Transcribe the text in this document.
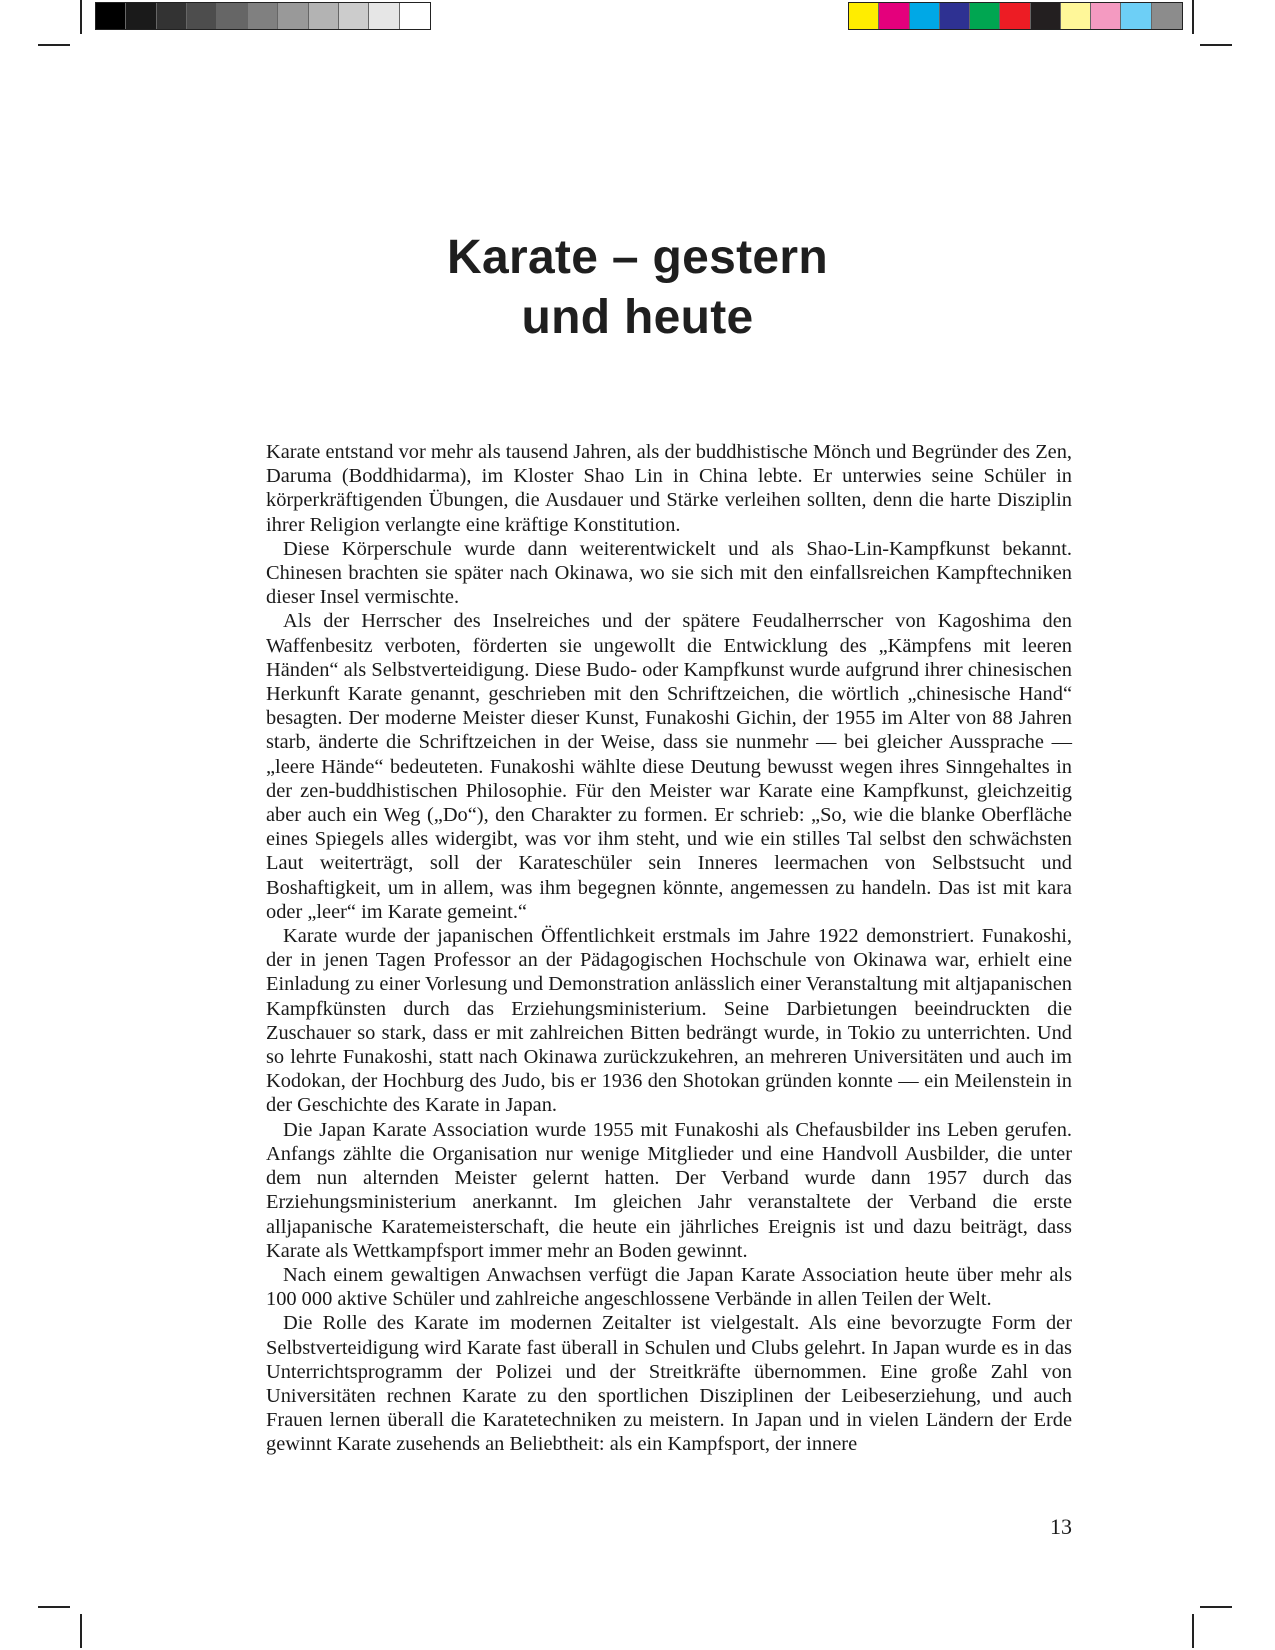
Karate – gestern
und heute

Karate entstand vor mehr als tausend Jahren, als der buddhistische Mönch und Begründer des Zen, Daruma (Boddhidarma), im Kloster Shao Lin in China lebte. Er unterwies seine Schüler in körperkräftigenden Übungen, die Ausdauer und Stärke verleihen sollten, denn die harte Disziplin ihrer Religion verlangte eine kräftige Konstitution.

Diese Körperschule wurde dann weiterentwickelt und als Shao-Lin-Kampfkunst bekannt. Chinesen brachten sie später nach Okinawa, wo sie sich mit den einfallsreichen Kampftechniken dieser Insel vermischte.

Als der Herrscher des Inselreiches und der spätere Feudalherrscher von Kagoshima den Waffenbesitz verboten, förderten sie ungewollt die Entwicklung des „Kämpfens mit leeren Händen“ als Selbstverteidigung. Diese Budo- oder Kampfkunst wurde aufgrund ihrer chinesischen Herkunft Karate genannt, geschrieben mit den Schriftzeichen, die wörtlich „chinesische Hand“ besagten. Der moderne Meister dieser Kunst, Funakoshi Gichin, der 1955 im Alter von 88 Jahren starb, änderte die Schriftzeichen in der Weise, dass sie nunmehr — bei gleicher Aussprache — „leere Hände“ bedeuteten. Funakoshi wählte diese Deutung bewusst wegen ihres Sinngehaltes in der zen-buddhistischen Philosophie. Für den Meister war Karate eine Kampfkunst, gleichzeitig aber auch ein Weg („Do“), den Charakter zu formen. Er schrieb: „So, wie die blanke Oberfläche eines Spiegels alles widergibt, was vor ihm steht, und wie ein stilles Tal selbst den schwächsten Laut weiterträgt, soll der Karateschüler sein Inneres leermachen von Selbstsucht und Boshaftigkeit, um in allem, was ihm begegnen könnte, angemessen zu handeln. Das ist mit kara oder „leer“ im Karate gemeint.“

Karate wurde der japanischen Öffentlichkeit erstmals im Jahre 1922 demonstriert. Funakoshi, der in jenen Tagen Professor an der Pädagogischen Hochschule von Okinawa war, erhielt eine Einladung zu einer Vorlesung und Demonstration anlässlich einer Veranstaltung mit altjapanischen Kampfkünsten durch das Erziehungsministerium. Seine Darbietungen beeindruckten die Zuschauer so stark, dass er mit zahlreichen Bitten bedrängt wurde, in Tokio zu unterrichten. Und so lehrte Funakoshi, statt nach Okinawa zurückzukehren, an mehreren Universitäten und auch im Kodokan, der Hochburg des Judo, bis er 1936 den Shotokan gründen konnte — ein Meilenstein in der Geschichte des Karate in Japan.

Die Japan Karate Association wurde 1955 mit Funakoshi als Chefausbilder ins Leben gerufen. Anfangs zählte die Organisation nur wenige Mitglieder und eine Handvoll Ausbilder, die unter dem nun alternden Meister gelernt hatten. Der Verband wurde dann 1957 durch das Erziehungsministerium anerkannt. Im gleichen Jahr veranstaltete der Verband die erste alljapanische Karatemeisterschaft, die heute ein jährliches Ereignis ist und dazu beiträgt, dass Karate als Wettkampfsport immer mehr an Boden gewinnt.

Nach einem gewaltigen Anwachsen verfügt die Japan Karate Association heute über mehr als 100 000 aktive Schüler und zahlreiche angeschlossene Verbände in allen Teilen der Welt.

Die Rolle des Karate im modernen Zeitalter ist vielgestalt. Als eine bevorzugte Form der Selbstverteidigung wird Karate fast überall in Schulen und Clubs gelehrt. In Japan wurde es in das Unterrichtsprogramm der Polizei und der Streitkräfte übernommen. Eine große Zahl von Universitäten rechnen Karate zu den sportlichen Disziplinen der Leibeserziehung, und auch Frauen lernen überall die Karatetechniken zu meistern. In Japan und in vielen Ländern der Erde gewinnt Karate zusehends an Beliebtheit: als ein Kampfsport, der innere

13
